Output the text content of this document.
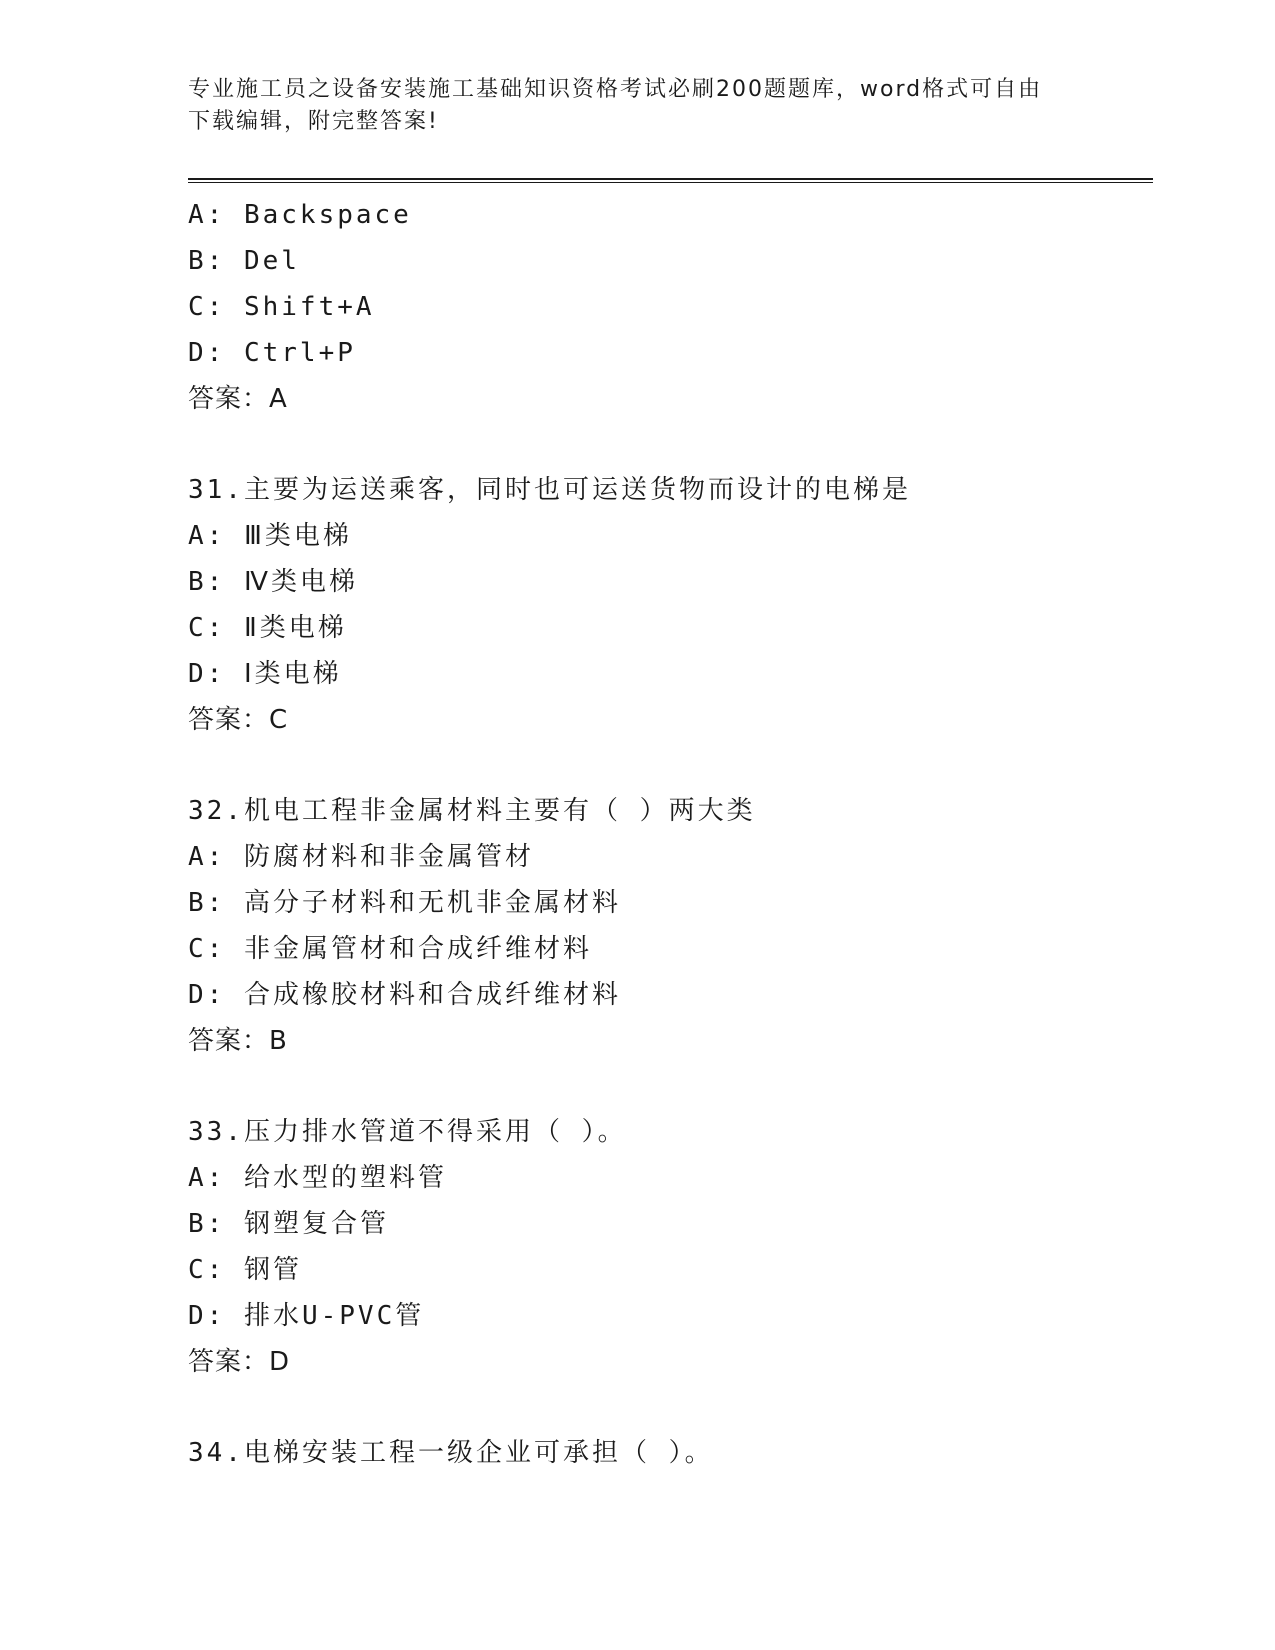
专业施工员之设备安装施工基础知识资格考试必刷200题题库，word格式可自由
下载编辑，附完整答案!
A: Backspace
B: Del
C: Shift+A
D: Ctrl+P
答案：A
31.主要为运送乘客，同时也可运送货物而设计的电梯是
A: Ⅲ类电梯
B: Ⅳ类电梯
C: Ⅱ类电梯
D: Ⅰ类电梯
答案：C
32.机电工程非金属材料主要有（ ）两大类
A: 防腐材料和非金属管材
B: 高分子材料和无机非金属材料
C: 非金属管材和合成纤维材料
D: 合成橡胶材料和合成纤维材料
答案：B
33.压力排水管道不得采用（ ）。
A: 给水型的塑料管
B: 钢塑复合管
C: 钢管
D: 排水U-PVC管
答案：D
34.电梯安装工程一级企业可承担（ ）。
